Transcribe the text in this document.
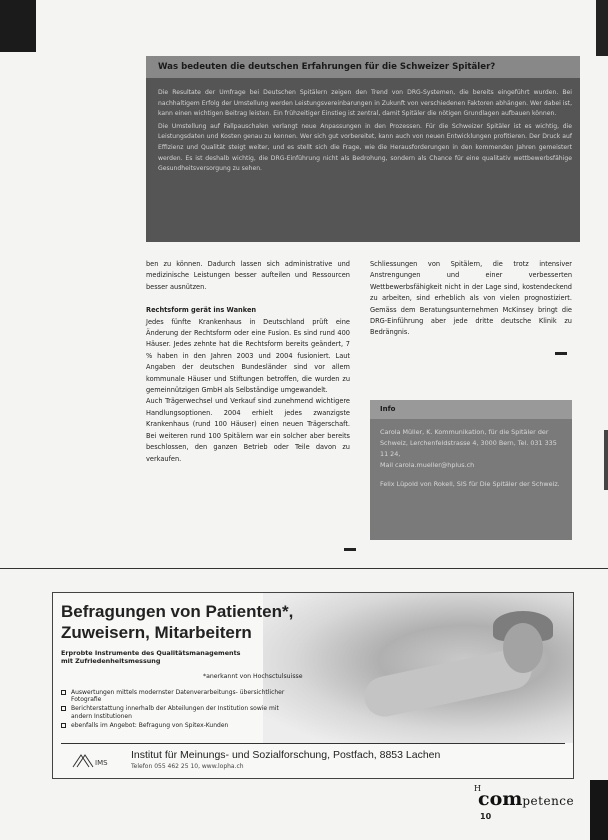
Was bedeuten die deutschen Erfahrungen für die Schweizer Spitäler?

Die Resultate der Umfrage bei Deutschen Spitälern zeigen den Trend von DRG-Systemen, die bereits eingeführt wurden. Bei nachhaltigem Erfolg der Umstellung werden Leistungsvereinbarungen in Zukunft von verschiedenen Faktoren abhängen. Wer dabei ist, kann einen wichtigen Beitrag leisten. Ein frühzeitiger Einstieg ist zentral, damit Spitäler die nötigen Grundlagen aufbauen können.

Die Umstellung auf Fallpauschalen verlangt neue Anpassungen in den Prozessen. Für die Schweizer Spitäler ist es wichtig, die Leistungsdaten und Kosten genau zu kennen. Wer sich gut vorbereitet, kann auch von neuen Entwicklungen profitieren. Der Druck auf Effizienz und Qualität steigt weiter, und es stellt sich die Frage, wie die Herausforderungen in den kommenden Jahren gemeistert werden. Es ist deshalb wichtig, die DRG-Einführung nicht als Bedrohung, sondern als Chance für eine qualitativ wettbewerbsfähige Gesundheitsversorgung zu sehen.

ben zu können. Dadurch lassen sich administrative und medizinische Leistungen besser aufteilen und Ressourcen besser ausnützen.

Rechtsform gerät ins Wanken

Jedes fünfte Krankenhaus in Deutschland prüft eine Änderung der Rechtsform oder eine Fusion. Es sind rund 400 Häuser. Jedes zehnte hat die Rechtsform bereits geändert, 7 % haben in den Jahren 2003 und 2004 fusioniert. Laut Angaben der deutschen Bundesländer sind vor allem kommunale Häuser und Stiftungen betroffen, die wurden zu gemeinnützigen GmbH als Selbständige umgewandelt.

Auch Trägerwechsel und Verkauf sind zunehmend wichtigere Handlungsoptionen. 2004 erhielt jedes zwanzigste Krankenhaus (rund 100 Häuser) einen neuen Trägerschaft. Bei weiteren rund 100 Spitälern war ein solcher aber bereits beschlossen, den ganzen Betrieb oder Teile davon zu verkaufen.

Schliessungen von Spitälern, die trotz intensiver Anstrengungen und einer verbesserten Wettbewerbsfähigkeit nicht in der Lage sind, kostendeckend zu arbeiten, sind erheblich als von vielen prognostiziert. Gemäss dem Beratungsunternehmen McKinsey bringt die DRG-Einführung aber jede dritte deutsche Klinik zu Bedrängnis.

Info

Carola Müller, K. Kommunikation, für die Spitäler der Schweiz, Lerchenfeldstrasse 4, 3000 Bern, Tel. 031 335 11 24,
Mail carola.mueller@hplus.ch

Felix Lüpold von Rokell, SIS für Die Spitäler der Schweiz.

Befragungen von Patienten*,
Zuweisern, Mitarbeitern
Erprobte Instrumente des Qualitätsmanagements
mit Zufriedenheitsmessung
*anerkannt von Hochsctulsuisse
Auswertungen mittels modernster Datenverarbeitungs- übersichtlicher Fotografie
Berichterstattung innerhalb der Abteilungen der Institution sowie mit andern Institutionen
ebenfalls im Angebot: Befragung von Spitex-Kunden
IMS
Institut für Meinungs- und Sozialforschung, Postfach, 8853 Lachen
Telefon 055 462 25 10, www.lopha.ch
H
competence
10
